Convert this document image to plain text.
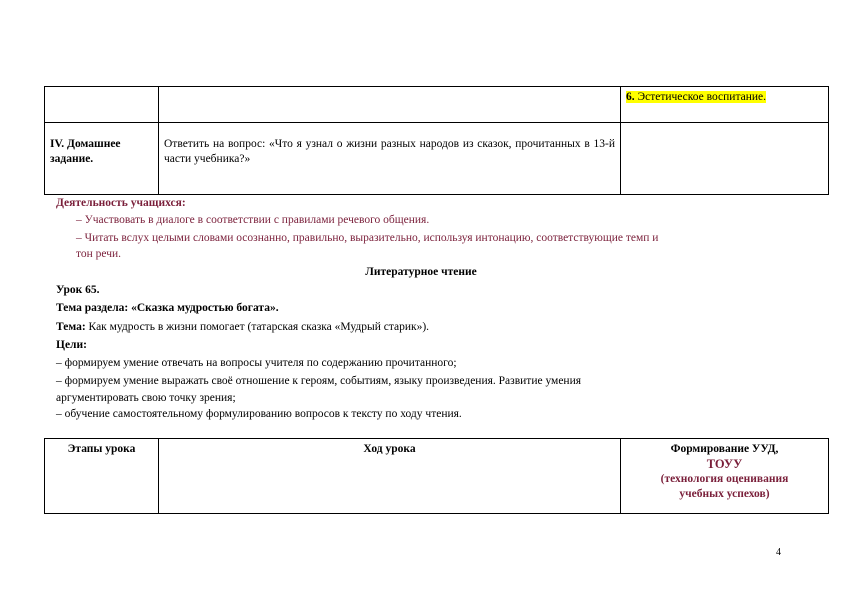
		6. Эстетическое воспитание.
IV. Домашнее задание.	Ответить на вопрос: «Что я узнал о жизни разных народов из сказок, прочитанных в 13-й части учебника?»	
Деятельность учащихся:
– Участвовать в диалоге в соответствии с правилами речевого общения.
– Читать вслух целыми словами осознанно, правильно, выразительно, используя интонацию, соответствующие темп и
тон речи.
Литературное чтение
Урок 65.
Тема раздела: «Сказка мудростью богата».
Тема: Как мудрость в жизни помогает (татарская сказка «Мудрый старик»).
Цели:
– формируем умение отвечать на вопросы учителя по содержанию прочитанного;
– формируем умение выражать своё отношение к героям, событиям, языку произведения. Развитие умения
аргументировать свою точку зрения;
– обучение самостоятельному формулированию вопросов к тексту по ходу чтения.
Этапы урока	Ход урока	Формирование УУД,
ТОУУ
(технология оценивания
учебных успехов)
4
